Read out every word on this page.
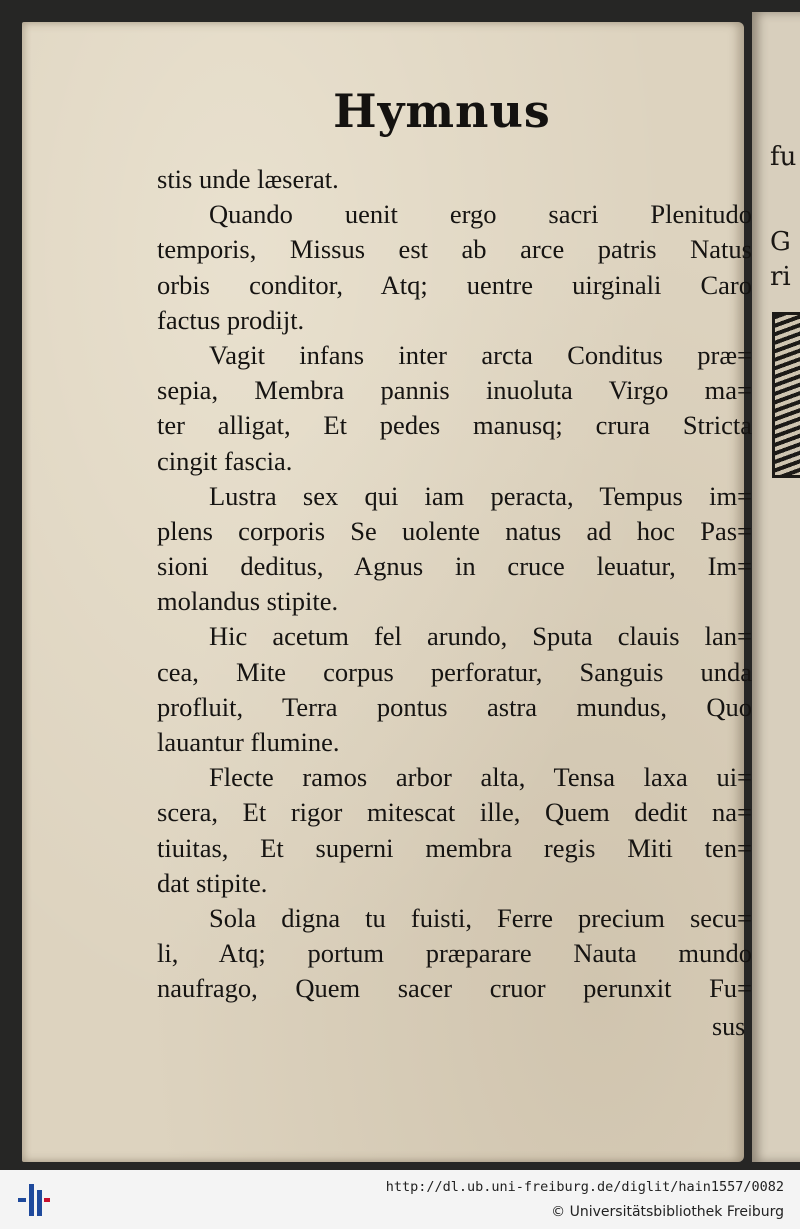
Hymnus
stis unde læserat.
Quando uenit ergo sacri Plenitudo
temporis, Missus est ab arce patris Natus
orbis conditor, Atq; uentre uirginali Caro
factus prodijt.
Vagit infans inter arcta Conditus præ=
sepia, Membra pannis inuoluta Virgo ma=
ter alligat, Et pedes manusq; crura Stricta
cingit fascia.
Lustra sex qui iam peracta, Tempus im=
plens corporis Se uolente natus ad hoc Pas=
sioni deditus, Agnus in cruce leuatur, Im=
molandus stipite.
Hic acetum fel arundo, Sputa clauis lan=
cea, Mite corpus perforatur, Sanguis unda
profluit, Terra pontus astra mundus, Quo
lauantur flumine.
Flecte ramos arbor alta, Tensa laxa ui=
scera, Et rigor mitescat ille, Quem dedit na=
tiuitas, Et superni membra regis Miti ten=
dat stipite.
Sola digna tu fuisti, Ferre precium secu=
li, Atq; portum præparare Nauta mundo
naufrago, Quem sacer cruor perunxit Fu=
sus
fu
G
ri
http://dl.ub.uni-freiburg.de/diglit/hain1557/0082
© Universitätsbibliothek Freiburg
